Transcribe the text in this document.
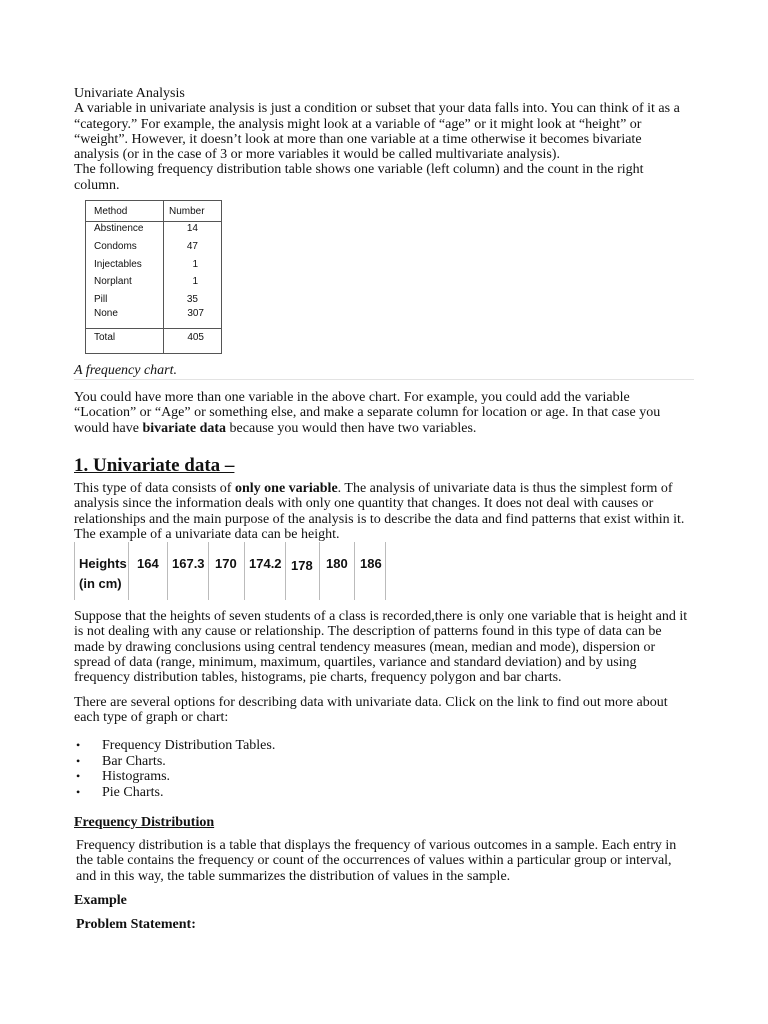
Univariate Analysis

A variable in univariate analysis is just a condition or subset that your data falls into. You can think of it as a

“category.” For example, the analysis might look at a variable of “age” or it might look at “height” or

“weight”. However, it doesn’t look at more than one variable at a time otherwise it becomes bivariate

analysis (or in the case of 3 or more variables it would be called multivariate analysis).

The following frequency distribution table shows one variable (left column) and the count in the right

column.

Method	Number
Abstinence	14
Condoms	47
Injectables	1
Norplant	1
Pill	35
None	307
Total	405

A frequency chart.

You could have more than one variable in the above chart. For example, you could add the variable

“Location” or “Age” or something else, and make a separate column for location or age. In that case you

would have bivariate data because you would then have two variables.

1. Univariate data –

This type of data consists of only one variable. The analysis of univariate data is thus the simplest form of

analysis since the information deals with only one quantity that changes. It does not deal with causes or

relationships and the main purpose of the analysis is to describe the data and find patterns that exist within it.

The example of a univariate data can be height.

Heights
(in cm)
164 167.3 170 174.2 178 180 186

Suppose that the heights of seven students of a class is recorded,there is only one variable that is height and it

is not dealing with any cause or relationship. The description of patterns found in this type of data can be

made by drawing conclusions using central tendency measures (mean, median and mode), dispersion or

spread of data (range, minimum, maximum, quartiles, variance and standard deviation) and by using

frequency distribution tables, histograms, pie charts, frequency polygon and bar charts.

There are several options for describing data with univariate data. Click on the link to find out more about

each type of graph or chart:

• Frequency Distribution Tables.
• Bar Charts.
• Histograms.
• Pie Charts.
Frequency Distribution

Frequency distribution is a table that displays the frequency of various outcomes in a sample. Each entry in

the table contains the frequency or count of the occurrences of values within a particular group or interval,

and in this way, the table summarizes the distribution of values in the sample.

Example

Problem Statement:
